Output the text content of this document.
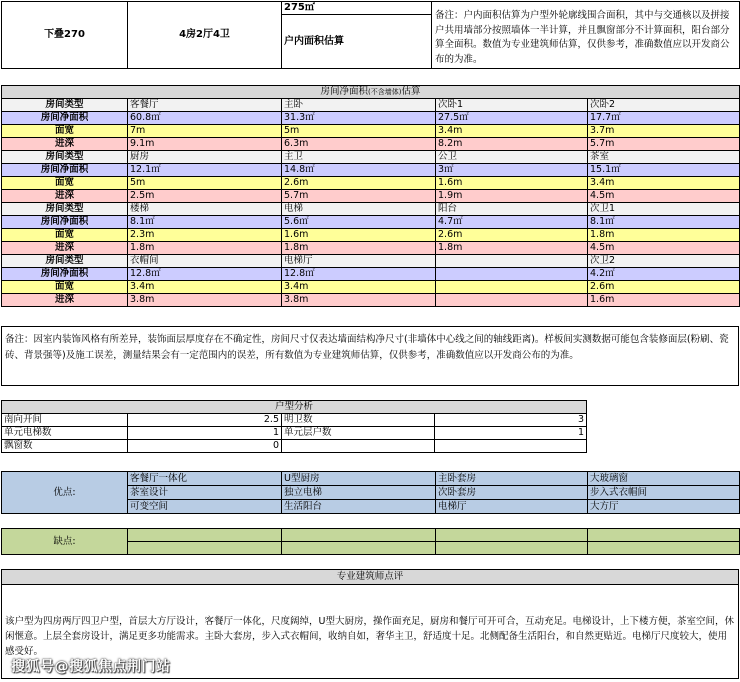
下叠270	4房2厅4卫	275㎡	备注：户内面积估算为户型外轮廓线围合面积，其中与交通核以及拼接户共用墙部分按照墙体一半计算，并且飘窗部分不计算面积，阳台部分算全面积。数值为专业建筑师估算，仅供参考，准确数值应以开发商公布的为准。
户内面积估算
房间净面积(不含墙体)估算				
房间类型	客餐厅	主卧	次卧1	次卧2
房间净面积	60.8㎡	31.3㎡	27.5㎡	17.7㎡
面宽	7m	5m	3.4m	3.7m
进深	9.1m	6.3m	8.2m	5.7m
房间类型	厨房	主卫	公卫	茶室
房间净面积	12.1㎡	14.8㎡	3㎡	15.1㎡
面宽	5m	2.6m	1.6m	3.4m
进深	2.5m	5.7m	1.9m	4.5m
房间类型	楼梯	电梯	阳台	次卫1
房间净面积	8.1㎡	5.6㎡	4.7㎡	8.1㎡
面宽	2.3m	1.6m	2.6m	1.8m
进深	1.8m	1.8m	1.8m	4.5m
房间类型	衣帽间	电梯厅		次卫2
房间净面积	12.8㎡	12.8㎡		4.2㎡
面宽	3.4m	3.4m		2.6m
进深	3.8m	3.8m		1.6m
备注：因室内装饰风格有所差异，装饰面层厚度存在不确定性，房间尺寸仅表达墙面结构净尺寸(非墙体中心线之间的轴线距离)。样板间实测数据可能包含装修面层(粉刷、瓷砖、背景强等)及施工误差，测量结果会有一定范围内的误差，所有数值为专业建筑师估算，仅供参考，准确数值应以开发商公布的为准。
户型分析			
南向开间	2.5	明卫数	3
单元电梯数	1	单元层户数	1
飘窗数	0		
优点:	客餐厅一体化	U型厨房	主卧套房	大玻璃窗
	茶室设计	独立电梯	次卧套房	步入式衣帽间
	可变空间	生活阳台	电梯厅	大方厅
缺点:				

专业建筑师点评
该户型为四房两厅四卫户型，首层大方厅设计，客餐厅一体化，尺度阔绰，U型大厨房，操作面充足，厨房和餐厅可开可合，互动充足。电梯设计，上下楼方便，茶室空间，休闲惬意。上层全套房设计，满足更多功能需求。主卧大套房，步入式衣帽间，收纳自如，奢华主卫，舒适度十足。北侧配备生活阳台，和自然更贴近。电梯厅尺度较大，使用感受好。
搜狐号@搜狐焦点荆门站
